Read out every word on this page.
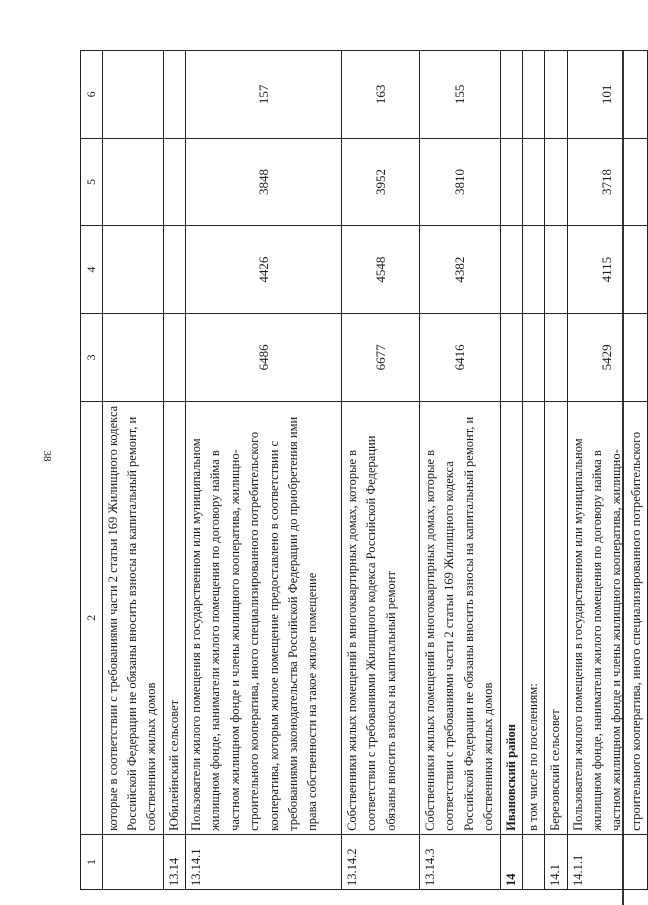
38
1	2	3	4	5	6
	которые в соответствии с требованиями части 2 статьи 169 Жилищного кодекса Российской Федерации не обязаны вносить взносы на капитальный ремонт, и собственники жилых домов				
13.14	Юбилейнский сельсовет				
13.14.1	Пользователи жилого помещения в государственном или муниципальном жилищном фонде, наниматели жилого помещения по договору найма в частном жилищном фонде и члены жилищного кооператива, жилищно-строительного кооператива, иного специализированного потребительского кооператива, которым жилое помещение предоставлено в соответствии с требованиями законодательства Российской Федерации до приобретения ими права собственности на такое жилое помещение	6486	4426	3848	157
13.14.2	Собственники жилых помещений в многоквартирных домах, которые в соответствии с требованиями Жилищного кодекса Российской Федерации обязаны вносить взносы на капитальный ремонт	6677	4548	3952	163
13.14.3	Собственники жилых помещений в многоквартирных домах, которые в соответствии с требованиями части 2 статьи 169 Жилищного кодекса Российской Федерации не обязаны вносить взносы на капитальный ремонт, и собственники жилых домов	6416	4382	3810	155
14	Ивановский район				
	в том числе по поселениям:				
14.1	Березовский сельсовет				
14.1.1	Пользователи жилого помещения в государственном или муниципальном жилищном фонде, наниматели жилого помещения по договору найма в частном жилищном фонде и члены жилищного кооператива, жилищно-строительного кооператива, иного специализированного потребительского	5429	4115	3718	101
